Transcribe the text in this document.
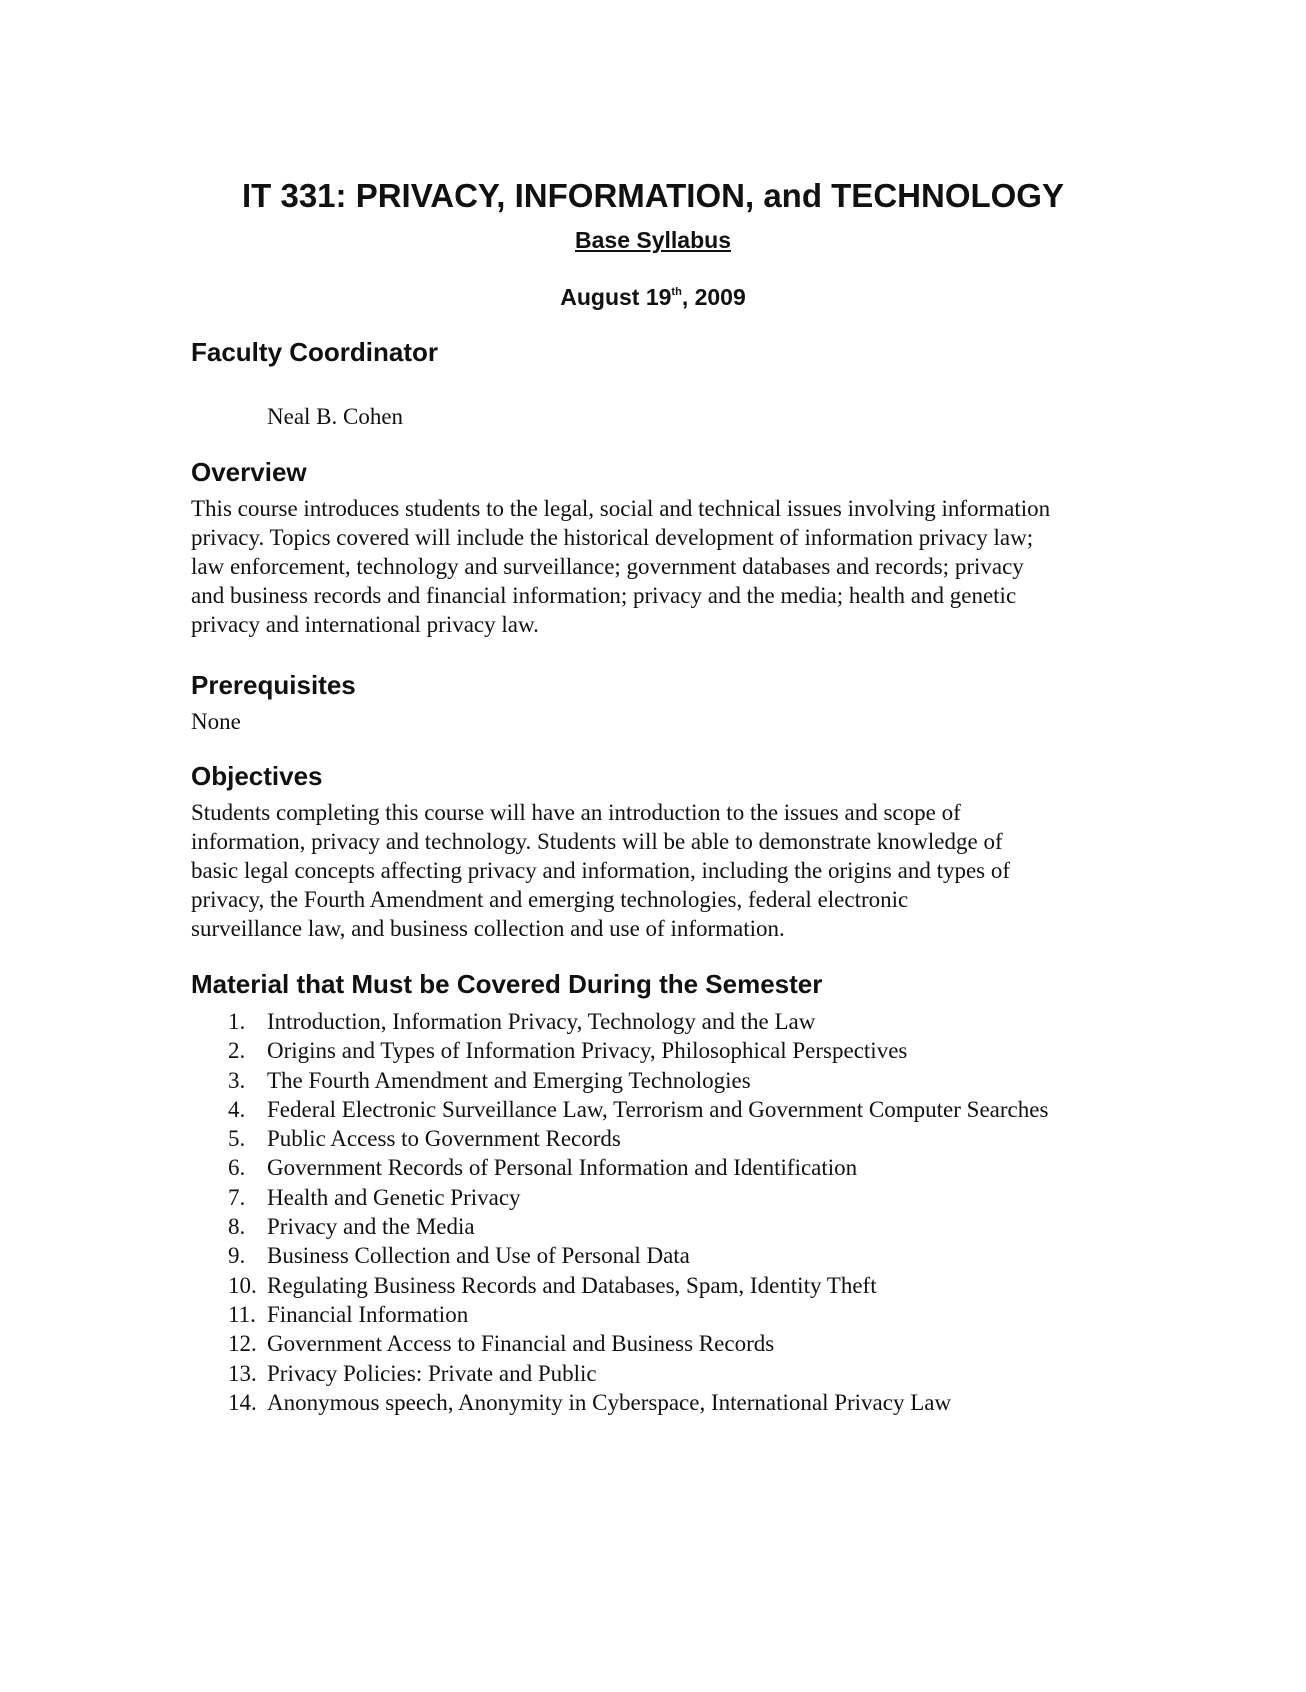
IT 331: PRIVACY, INFORMATION, and TECHNOLOGY
Base Syllabus
August 19th, 2009
Faculty Coordinator

Neal B. Cohen

Overview

This course introduces students to the legal, social and technical issues involving information
privacy. Topics covered will include the historical development of information privacy law;
law enforcement, technology and surveillance; government databases and records; privacy
and business records and financial information; privacy and the media; health and genetic
privacy and international privacy law.

Prerequisites

None

Objectives

Students completing this course will have an introduction to the issues and scope of
information, privacy and technology. Students will be able to demonstrate knowledge of
basic legal concepts affecting privacy and information, including the origins and types of
privacy, the Fourth Amendment and emerging technologies, federal electronic
surveillance law, and business collection and use of information.

Material that Must be Covered During the Semester
1. Introduction, Information Privacy, Technology and the Law
2. Origins and Types of Information Privacy, Philosophical Perspectives
3. The Fourth Amendment and Emerging Technologies
4. Federal Electronic Surveillance Law, Terrorism and Government Computer Searches
5. Public Access to Government Records
6. Government Records of Personal Information and Identification
7. Health and Genetic Privacy
8. Privacy and the Media
9. Business Collection and Use of Personal Data
10. Regulating Business Records and Databases, Spam, Identity Theft
11. Financial Information
12. Government Access to Financial and Business Records
13. Privacy Policies: Private and Public
14. Anonymous speech, Anonymity in Cyberspace, International Privacy Law
